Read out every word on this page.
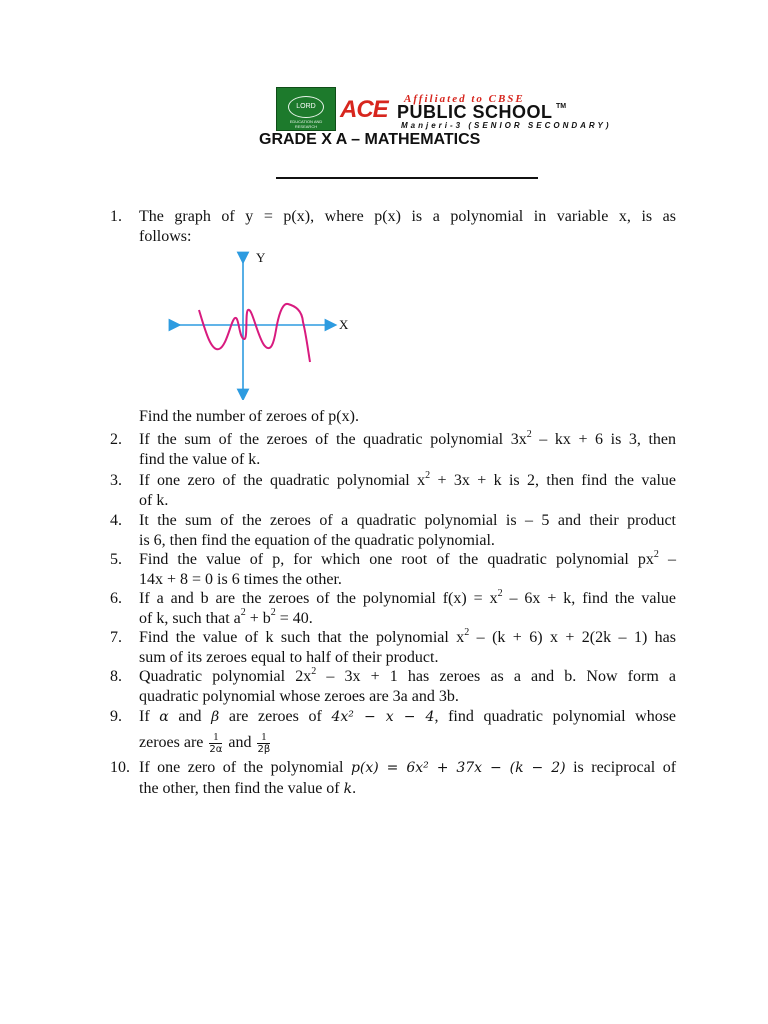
LORD
EDUCATION AND RESEARCH
Affiliated to CBSE
ACE PUBLIC SCHOOL TM
Manjeri-3 (SENIOR SECONDARY)
GRADE X A – MATHEMATICS
1. The graph of y = p(x), where p(x) is a polynomial in variable x, is as
follows:
Y
X
Find the number of zeroes of p(x).
2. If the sum of the zeroes of the quadratic polynomial $3x^2$ – kx + 6 is 3, then
find the value of k.
3. If one zero of the quadratic polynomial $x^2 + 3x + k$ is 2, then find the value
of k.
4. It the sum of the zeroes of a quadratic polynomial is – 5 and their product
is 6, then find the equation of the quadratic polynomial.
5. Find the value of p, for which one root of the quadratic polynomial $px^2$ –
14x + 8 = 0 is 6 times the other.
6. If a and b are the zeroes of the polynomial $f(x) = x^2 - 6x + k$, find the value
of k, such that $a^2 + b^2 = 40$.
7. Find the value of k such that the polynomial $x^2 - (k + 6) x + 2(2k - 1)$ has
sum of its zeroes equal to half of their product.
8. Quadratic polynomial $2x^2 - 3x + 1$ has zeroes as a and b. Now form a
quadratic polynomial whose zeroes are 3a and 3b.
9. If α and β are zeroes of 4x² − x − 4, find quadratic polynomial whose
zeroes are $\frac{1}{2\alpha}$ and $\frac{1}{2\beta}$
10. If one zero of the polynomial p(x) = 6x² + 37x − (k − 2) is reciprocal of
the other, then find the value of k.
